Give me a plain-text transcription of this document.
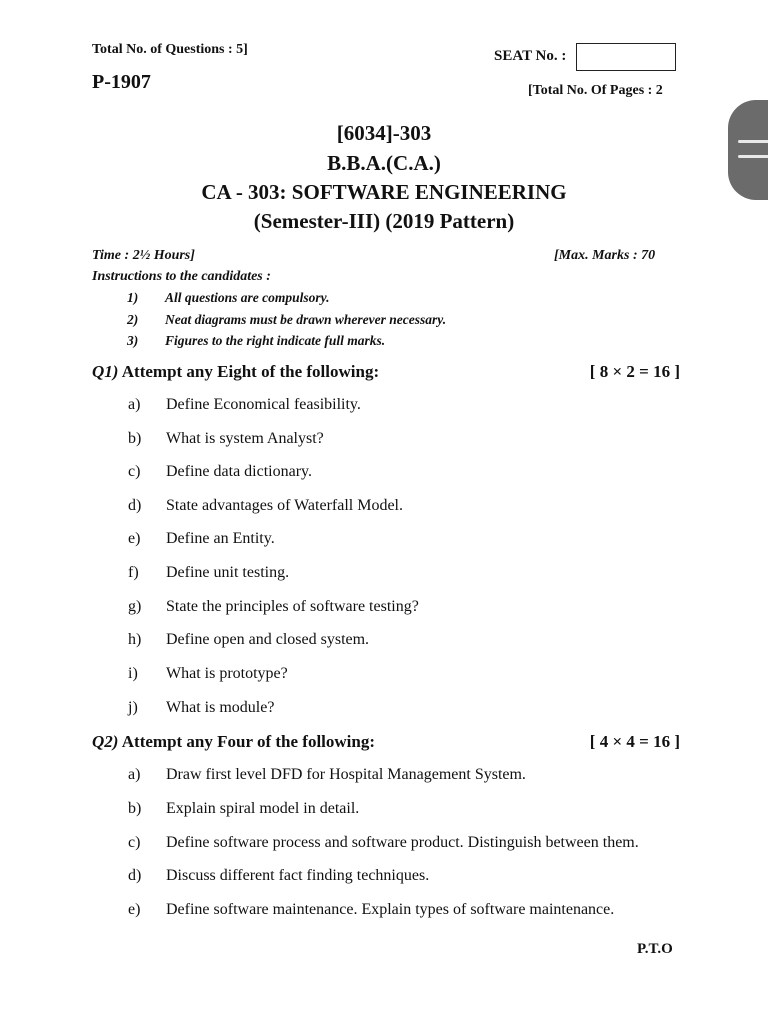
Total No. of Questions : 5]	SEAT No. :
P-1907	[Total No. Of Pages : 2
[6034]-303
B.B.A.(C.A.)
CA - 303: SOFTWARE ENGINEERING
(Semester-III) (2019 Pattern)
Time : 2½ Hours]	[Max. Marks : 70
Instructions to the candidates :
1) All questions are compulsory.
2) Neat diagrams must be drawn wherever necessary.
3) Figures to the right indicate full marks.
Q1) Attempt any Eight of the following:	[ 8 × 2 = 16 ]
a) Define Economical feasibility.
b) What is system Analyst?
c) Define data dictionary.
d) State advantages of Waterfall Model.
e) Define an Entity.
f) Define unit testing.
g) State the principles of software testing?
h) Define open and closed system.
i) What is prototype?
j) What is module?
Q2) Attempt any Four of the following:	[ 4 × 4 = 16 ]
a) Draw first level DFD for Hospital Management System.
b) Explain spiral model in detail.
c) Define software process and software product. Distinguish between them.
d) Discuss different fact finding techniques.
e) Define software maintenance. Explain types of software maintenance.
P.T.O
